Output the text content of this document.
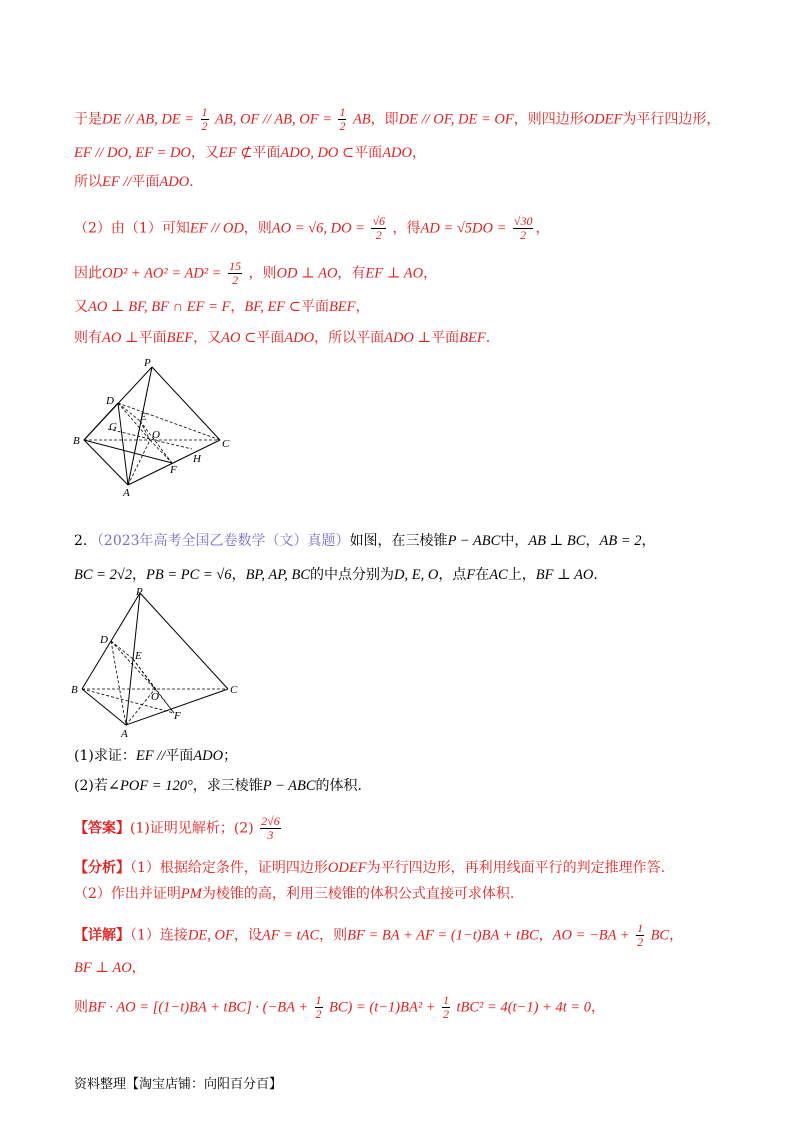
于是DE // AB, DE = $\frac{1}{2}$ AB, OF // AB, OF = $\frac{1}{2}$ AB，即DE // OF, DE = OF，则四边形ODEF为平行四边形，
EF // DO, EF = DO，又EF ⊄平面ADO, DO ⊂平面ADO，
所以EF //平面ADO.
（2）由（1）可知EF // OD，则AO = √6, DO = $\frac{√6}{2}$ ，得AD = $√5DO = \frac{√30}{2}$ ，
因此$OD^2 + AO^2 = AD^2 = \frac{15}{2}$ ，则OD ⊥ AO，有EF ⊥ AO，
又AO ⊥ BF, BF ∩ EF = F，BF, EF ⊂平面BEF，
则有AO ⊥平面BEF，又AO ⊂平面ADO，所以平面ADO ⊥平面BEF.
P
D
E
G
O
B	C
F
H
A
2．（2023年高考全国乙卷数学（文）真题）如图，在三棱锥P − ABC中，AB ⊥ BC，AB = 2，
BC = 2√2，PB = PC = √6，BP, AP, BC的中点分别为D, E, O，点F在AC上，BF ⊥ AO.
P
D
E
O
B	C
F
A
(1)求证：EF //平面ADO；
(2)若∠POF = 120°，求三棱锥P − ABC的体积.
【答案】(1)证明见解析；$(2) \frac{2√6}{3}$
【分析】（1）根据给定条件，证明四边形ODEF为平行四边形，再利用线面平行的判定推理作答.
（2）作出并证明PM为棱锥的高，利用三棱锥的体积公式直接可求体积.
【详解】（1）连接DE, OF，设AF = tAC，则BF = BA + AF = (1−t)BA + tBC，AO = $-BA + \frac{1}{2}$ BC，
BF ⊥ AO，
则BF · AO = $[(1-t)BA + tBC] \cdot (-BA + \frac{1}{2} BC) = (t-1)BA^2 + \frac{1}{2} tBC^2 = 4(t-1) + 4t = 0$，
资料整理【淘宝店铺：向阳百分百】
